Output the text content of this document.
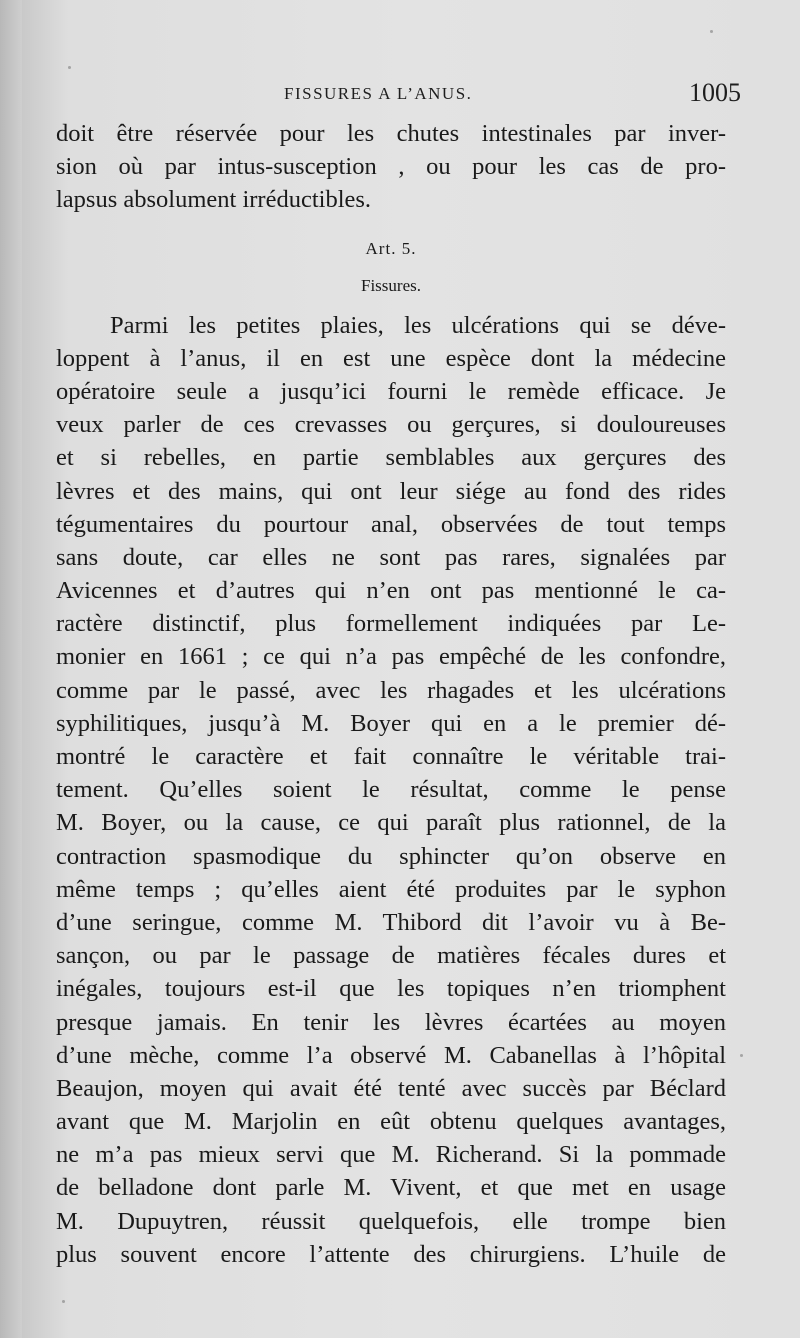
FISSURES A L’ANUS.	1005
doit être réservée pour les chutes intestinales par inver-
sion où par intus-susception , ou pour les cas de pro-
lapsus absolument irréductibles.
Art. 5.
Fissures.
Parmi les petites plaies, les ulcérations qui se déve-
loppent à l’anus, il en est une espèce dont la médecine
opératoire seule a jusqu’ici fourni le remède efficace. Je
veux parler de ces crevasses ou gerçures, si douloureuses
et si rebelles, en partie semblables aux gerçures des
lèvres et des mains, qui ont leur siége au fond des rides
tégumentaires du pourtour anal, observées de tout temps
sans doute, car elles ne sont pas rares, signalées par
Avicennes et d’autres qui n’en ont pas mentionné le ca-
ractère distinctif, plus formellement indiquées par Le-
monier en 1661 ; ce qui n’a pas empêché de les confondre,
comme par le passé, avec les rhagades et les ulcérations
syphilitiques, jusqu’à M. Boyer qui en a le premier dé-
montré le caractère et fait connaître le véritable trai-
tement. Qu’elles soient le résultat, comme le pense
M. Boyer, ou la cause, ce qui paraît plus rationnel, de la
contraction spasmodique du sphincter qu’on observe en
même temps ; qu’elles aient été produites par le syphon
d’une seringue, comme M. Thibord dit l’avoir vu à Be-
sançon, ou par le passage de matières fécales dures et
inégales, toujours est-il que les topiques n’en triomphent
presque jamais. En tenir les lèvres écartées au moyen
d’une mèche, comme l’a observé M. Cabanellas à l’hôpital
Beaujon, moyen qui avait été tenté avec succès par Béclard
avant que M. Marjolin en eût obtenu quelques avantages,
ne m’a pas mieux servi que M. Richerand. Si la pommade
de belladone dont parle M. Vivent, et que met en usage
M. Dupuytren, réussit quelquefois, elle trompe bien
plus souvent encore l’attente des chirurgiens. L’huile de
